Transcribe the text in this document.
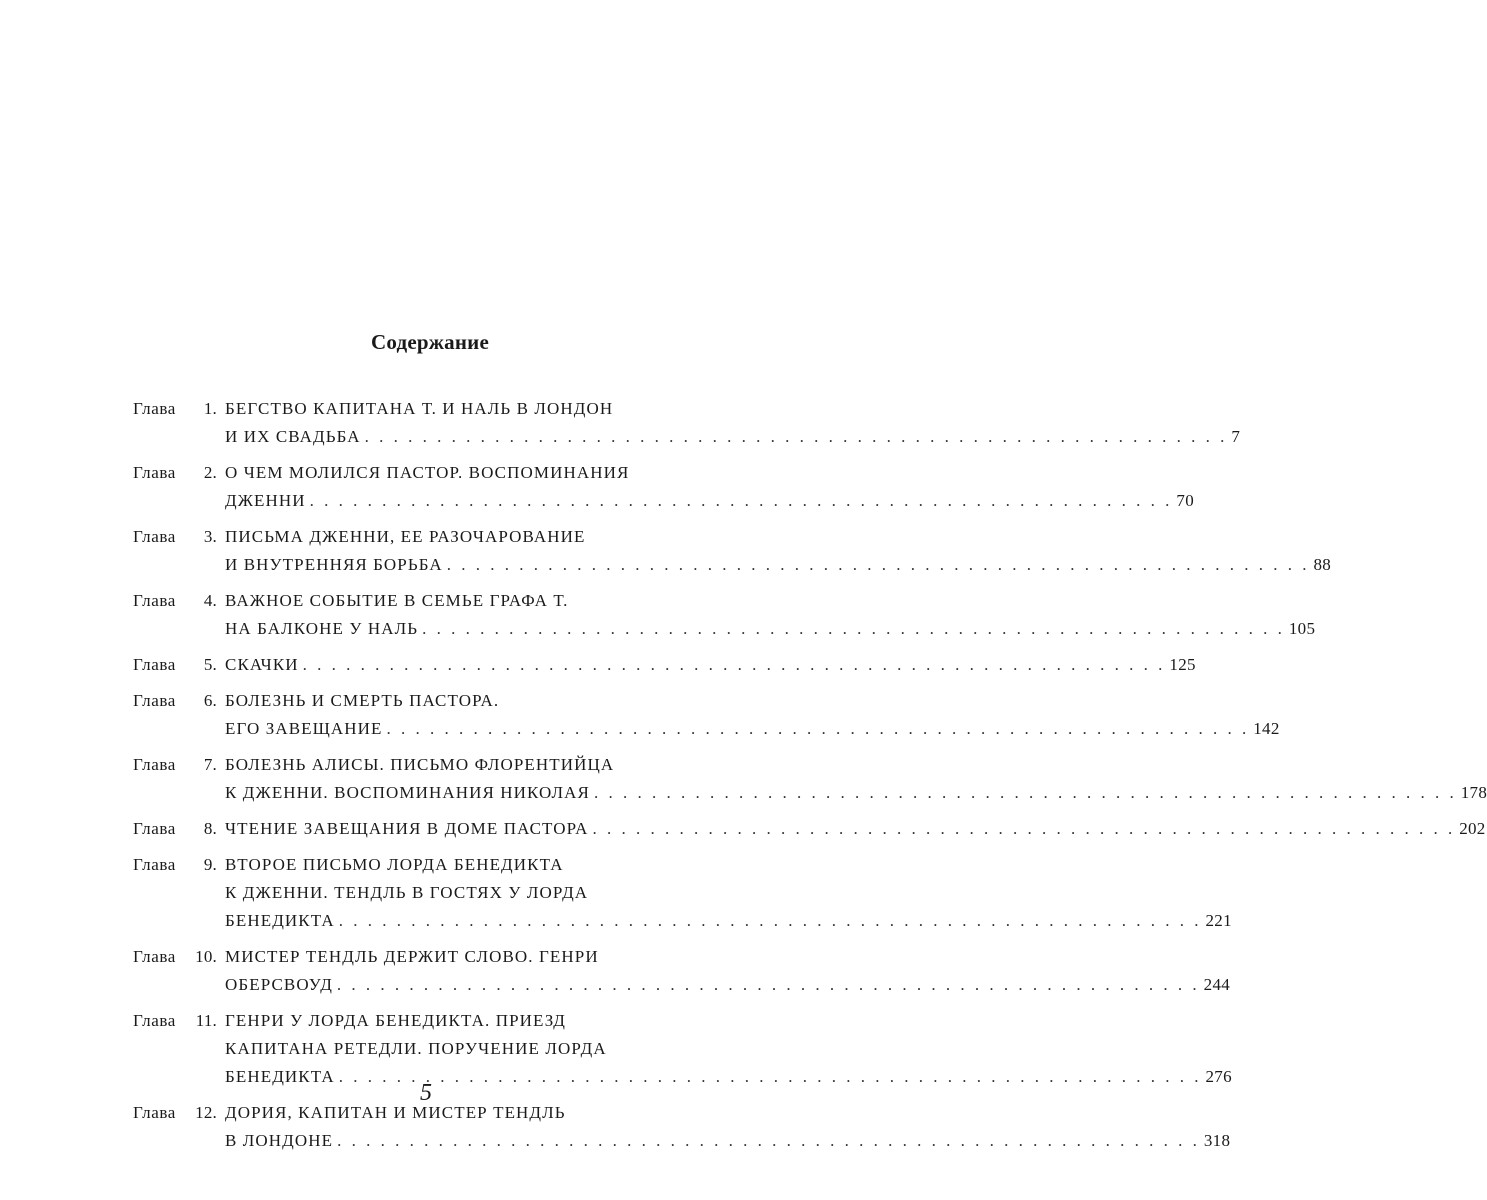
Содержание
Глава	1. БЕГСТВО КАПИТАНА Т. И НАЛЬ В ЛОНДОН
И ИХ СВАДЬБА . . .	7
Глава	2. О ЧЕМ МОЛИЛСЯ ПАСТОР. ВОСПОМИНАНИЯ
ДЖЕННИ . . .	70
Глава	3. ПИСЬМА ДЖЕННИ, ЕЕ РАЗОЧАРОВАНИЕ
И ВНУТРЕННЯЯ БОРЬБА . . .	88
Глава	4. ВАЖНОЕ СОБЫТИЕ В СЕМЬЕ ГРАФА Т.
НА БАЛКОНЕ У НАЛЬ . . .	105
Глава	5. СКАЧКИ . . .	125
Глава	6. БОЛЕЗНЬ И СМЕРТЬ ПАСТОРА.
ЕГО ЗАВЕЩАНИЕ . . .	142
Глава	7. БОЛЕЗНЬ АЛИСЫ. ПИСЬМО ФЛОРЕНТИЙЦА
К ДЖЕННИ. ВОСПОМИНАНИЯ НИКОЛАЯ . . .	178
Глава	8. ЧТЕНИЕ ЗАВЕЩАНИЯ В ДОМЕ ПАСТОРА . . .	202
Глава	9. ВТОРОЕ ПИСЬМО ЛОРДА БЕНЕДИКТА
К ДЖЕННИ. ТЕНДЛЬ В ГОСТЯХ У ЛОРДА
БЕНЕДИКТА . . .	221
Глава	10. МИСТЕР ТЕНДЛЬ ДЕРЖИТ СЛОВО. ГЕНРИ
ОБЕРСВОУД . . .	244
Глава	11. ГЕНРИ У ЛОРДА БЕНЕДИКТА. ПРИЕЗД
КАПИТАНА РЕТЕДЛИ. ПОРУЧЕНИЕ ЛОРДА
БЕНЕДИКТА . . .	276
Глава	12. ДОРИЯ, КАПИТАН И МИСТЕР ТЕНДЛЬ
В ЛОНДОНЕ . . .	318
5
